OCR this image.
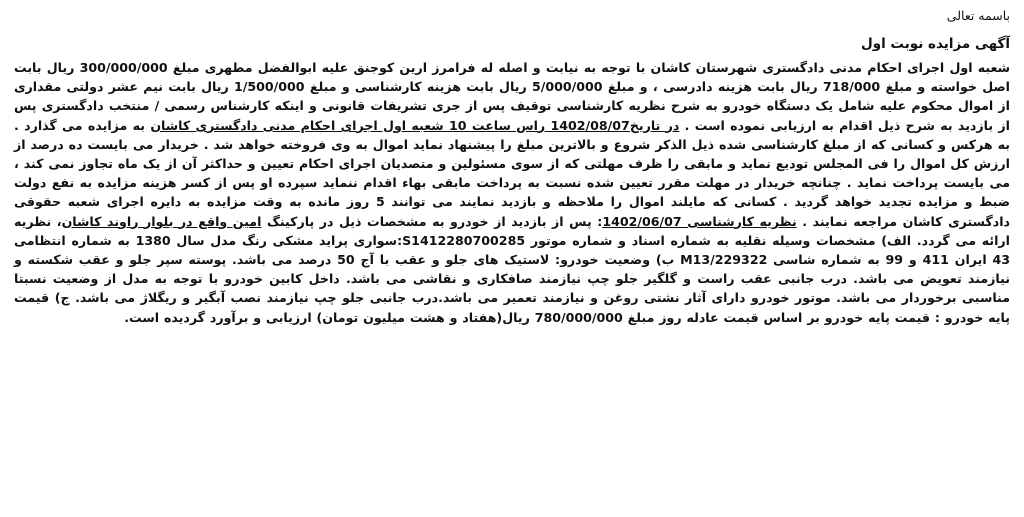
باسمه تعالی

آگهی مزایده نوبت اول

شعبه اول اجرای احکام مدنی دادگستری شهرستان کاشان با توجه به نیابت و اصله له فرامرز ارین کوجنق علیه ابوالفضل مطهری مبلغ 300/000/000 ریال بابت اصل خواسته و مبلغ 718/000 ریال بابت هزینه دادرسی ، و مبلغ 5/000/000 ریال بابت هزینه کارشناسی و مبلغ 1/500/000 ریال بابت نیم عشر دولتی مقداری از اموال محکوم علیه شامل یک دستگاه خودرو به شرح نظریه کارشناسی توقیف پس از جری تشریفات قانونی و اینکه کارشناس رسمی / منتخب دادگستری پس از بازدید به شرح ذیل اقدام به ارزیابی نموده است . در تاریخ1402/08/07 راس ساعت 10 شعبه اول اجرای احکام مدنی دادگستری کاشان به مزایده می گذارد . به هرکس و کسانی که از مبلغ کارشناسی شده ذیل الذکر شروع و بالاترین مبلغ را پیشنهاد نماید اموال به وی فروخته خواهد شد . خریدار می بایست ده درصد از ارزش کل اموال را فی المجلس تودیع نماید و مابقی را ظرف مهلتی که از سوی مسئولین و متصدیان اجرای احکام تعیین و حداکثر آن از یک ماه تجاوز نمی کند ، می بایست پرداخت نماید . چنانچه خریدار در مهلت مقرر تعیین شده نسبت به پرداخت مابقی بهاء اقدام ننماید سپرده او پس از کسر هزینه مزایده به نفع دولت ضبط و مزایده تجدید خواهد گردید . کسانی که مایلند اموال را ملاحظه و بازدید نمایند می توانند 5 روز مانده به وقت مزایده به دایره اجرای شعبه حقوقی دادگستری کاشان مراجعه نمایند . نظریه کارشناسی 1402/06/07: پس از بازدید از خودرو به مشخصات ذیل در پارکینگ امین واقع در بلوار راوند کاشان، نظریه ارائه می گردد. الف) مشخصات وسیله نقلیه به شماره اسناد و شماره موتور S1412280700285:سواری پراید مشکی رنگ مدل سال 1380 به شماره انتظامی 43 ایران 411 و 99 به شماره شاسی M13/229322 ب) وضعیت خودرو: لاستیک های جلو و عقب با آج 50 درصد می باشد. پوسته سپر جلو و عقب شکسته و نیازمند تعویض می باشد. درب جانبی عقب راست و گلگیر جلو چپ نیازمند صافکاری و نقاشی می باشد. داخل کابین خودرو با توجه به مدل از وضعیت نسبتا مناسبی برخوردار می باشد. موتور خودرو دارای آثار نشتی روغن و نیازمند تعمیر می باشد.درب جانبی جلو چپ نیازمند نصب آبگیر و ریگلاژ می باشد. ج) قیمت پایه خودرو : قیمت پایه خودرو بر اساس قیمت عادله روز مبلغ 780/000/000 ریال(هفتاد و هشت میلیون تومان) ارزیابی و برآورد گردیده است.
